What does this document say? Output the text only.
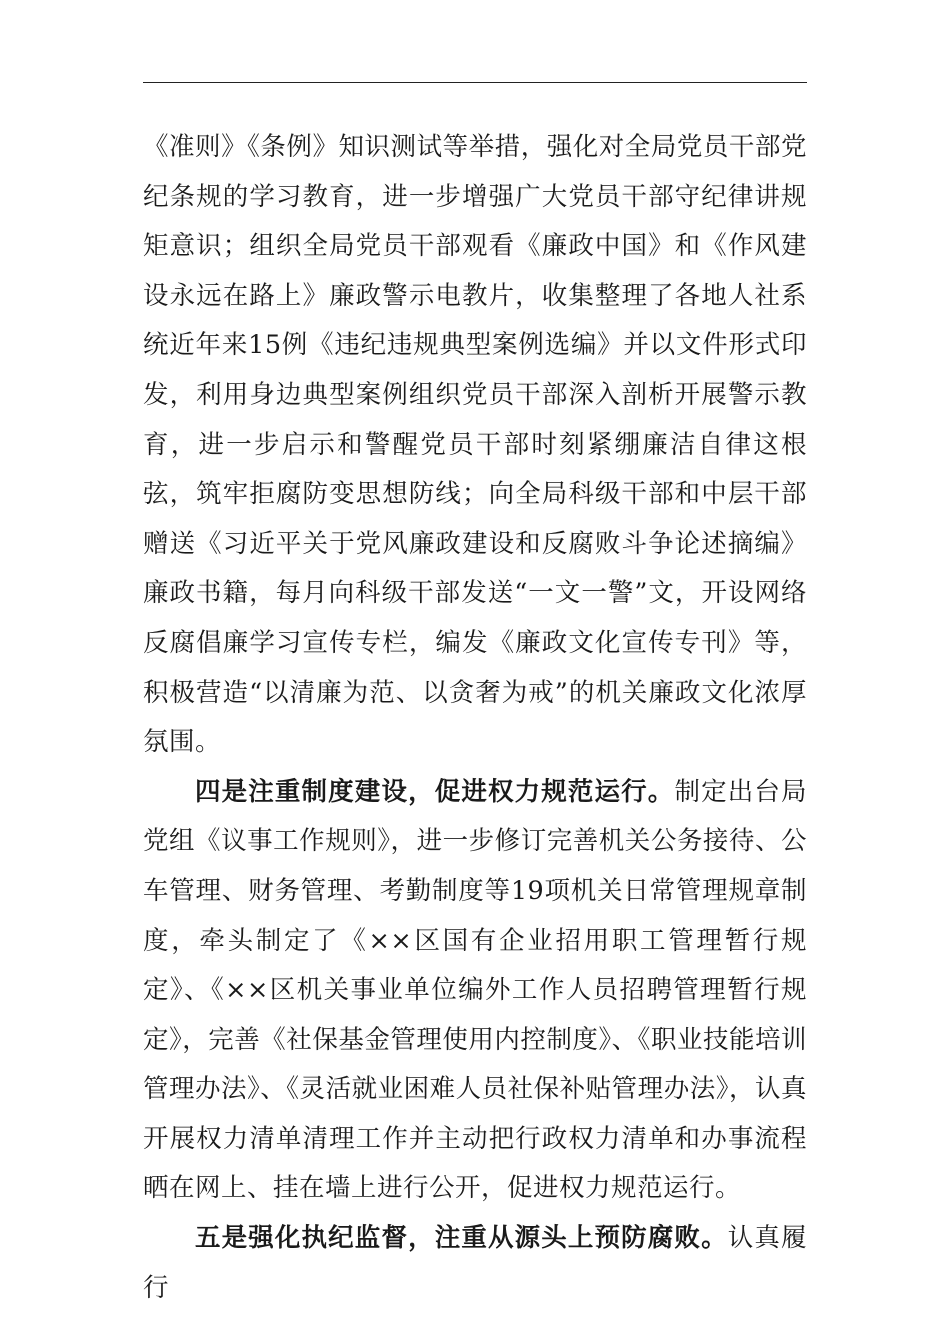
《准则》《条例》知识测试等举措，强化对全局党员干部党纪条规的学习教育，进一步增强广大党员干部守纪律讲规矩意识；组织全局党员干部观看《廉政中国》和《作风建设永远在路上》廉政警示电教片，收集整理了各地人社系统近年来15例《违纪违规典型案例选编》并以文件形式印发，利用身边典型案例组织党员干部深入剖析开展警示教育，进一步启示和警醒党员干部时刻紧绷廉洁自律这根弦，筑牢拒腐防变思想防线；向全局科级干部和中层干部赠送《习近平关于党风廉政建设和反腐败斗争论述摘编》廉政书籍，每月向科级干部发送“一文一警”文，开设网络反腐倡廉学习宣传专栏，编发《廉政文化宣传专刊》等，积极营造“以清廉为范、以贪奢为戒”的机关廉政文化浓厚氛围。

四是注重制度建设，促进权力规范运行。制定出台局党组《议事工作规则》，进一步修订完善机关公务接待、公车管理、财务管理、考勤制度等19项机关日常管理规章制度，牵头制定了《××区国有企业招用职工管理暂行规定》、《××区机关事业单位编外工作人员招聘管理暂行规定》，完善《社保基金管理使用内控制度》、《职业技能培训管理办法》、《灵活就业困难人员社保补贴管理办法》，认真开展权力清单清理工作并主动把行政权力清单和办事流程晒在网上、挂在墙上进行公开，促进权力规范运行。

五是强化执纪监督，注重从源头上预防腐败。认真履行
